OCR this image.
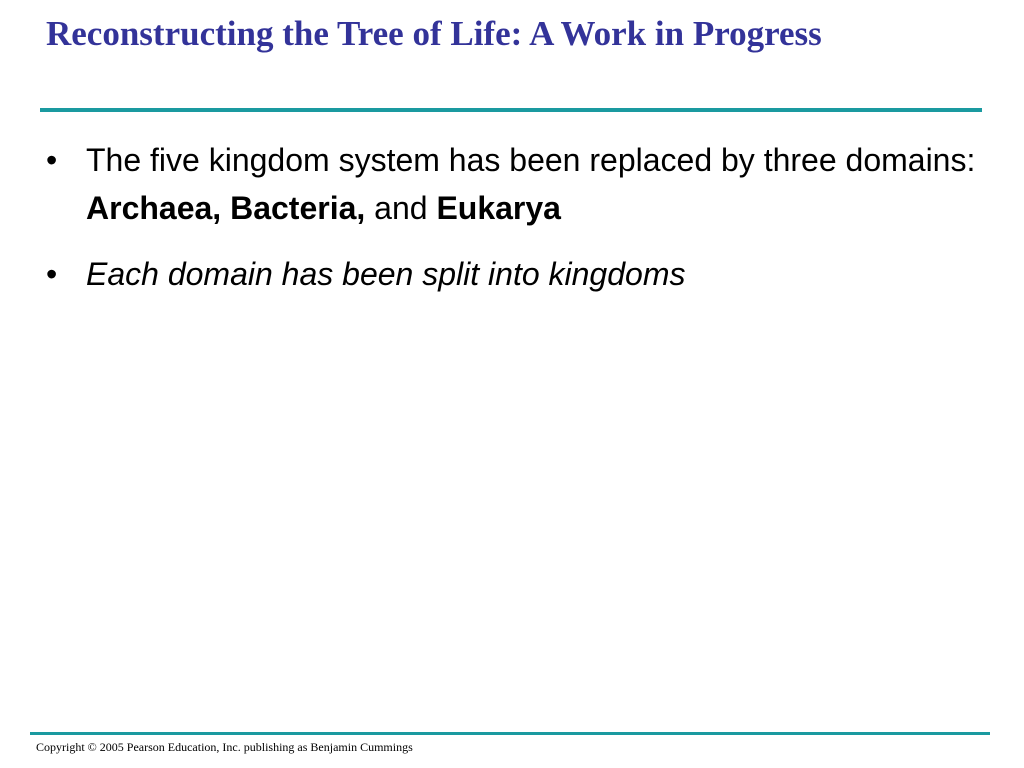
Reconstructing the Tree of Life: A Work in Progress
• The five kingdom system has been replaced by three domains: Archaea, Bacteria, and Eukarya
• Each domain has been split into kingdoms

Copyright © 2005 Pearson Education, Inc. publishing as Benjamin Cummings
